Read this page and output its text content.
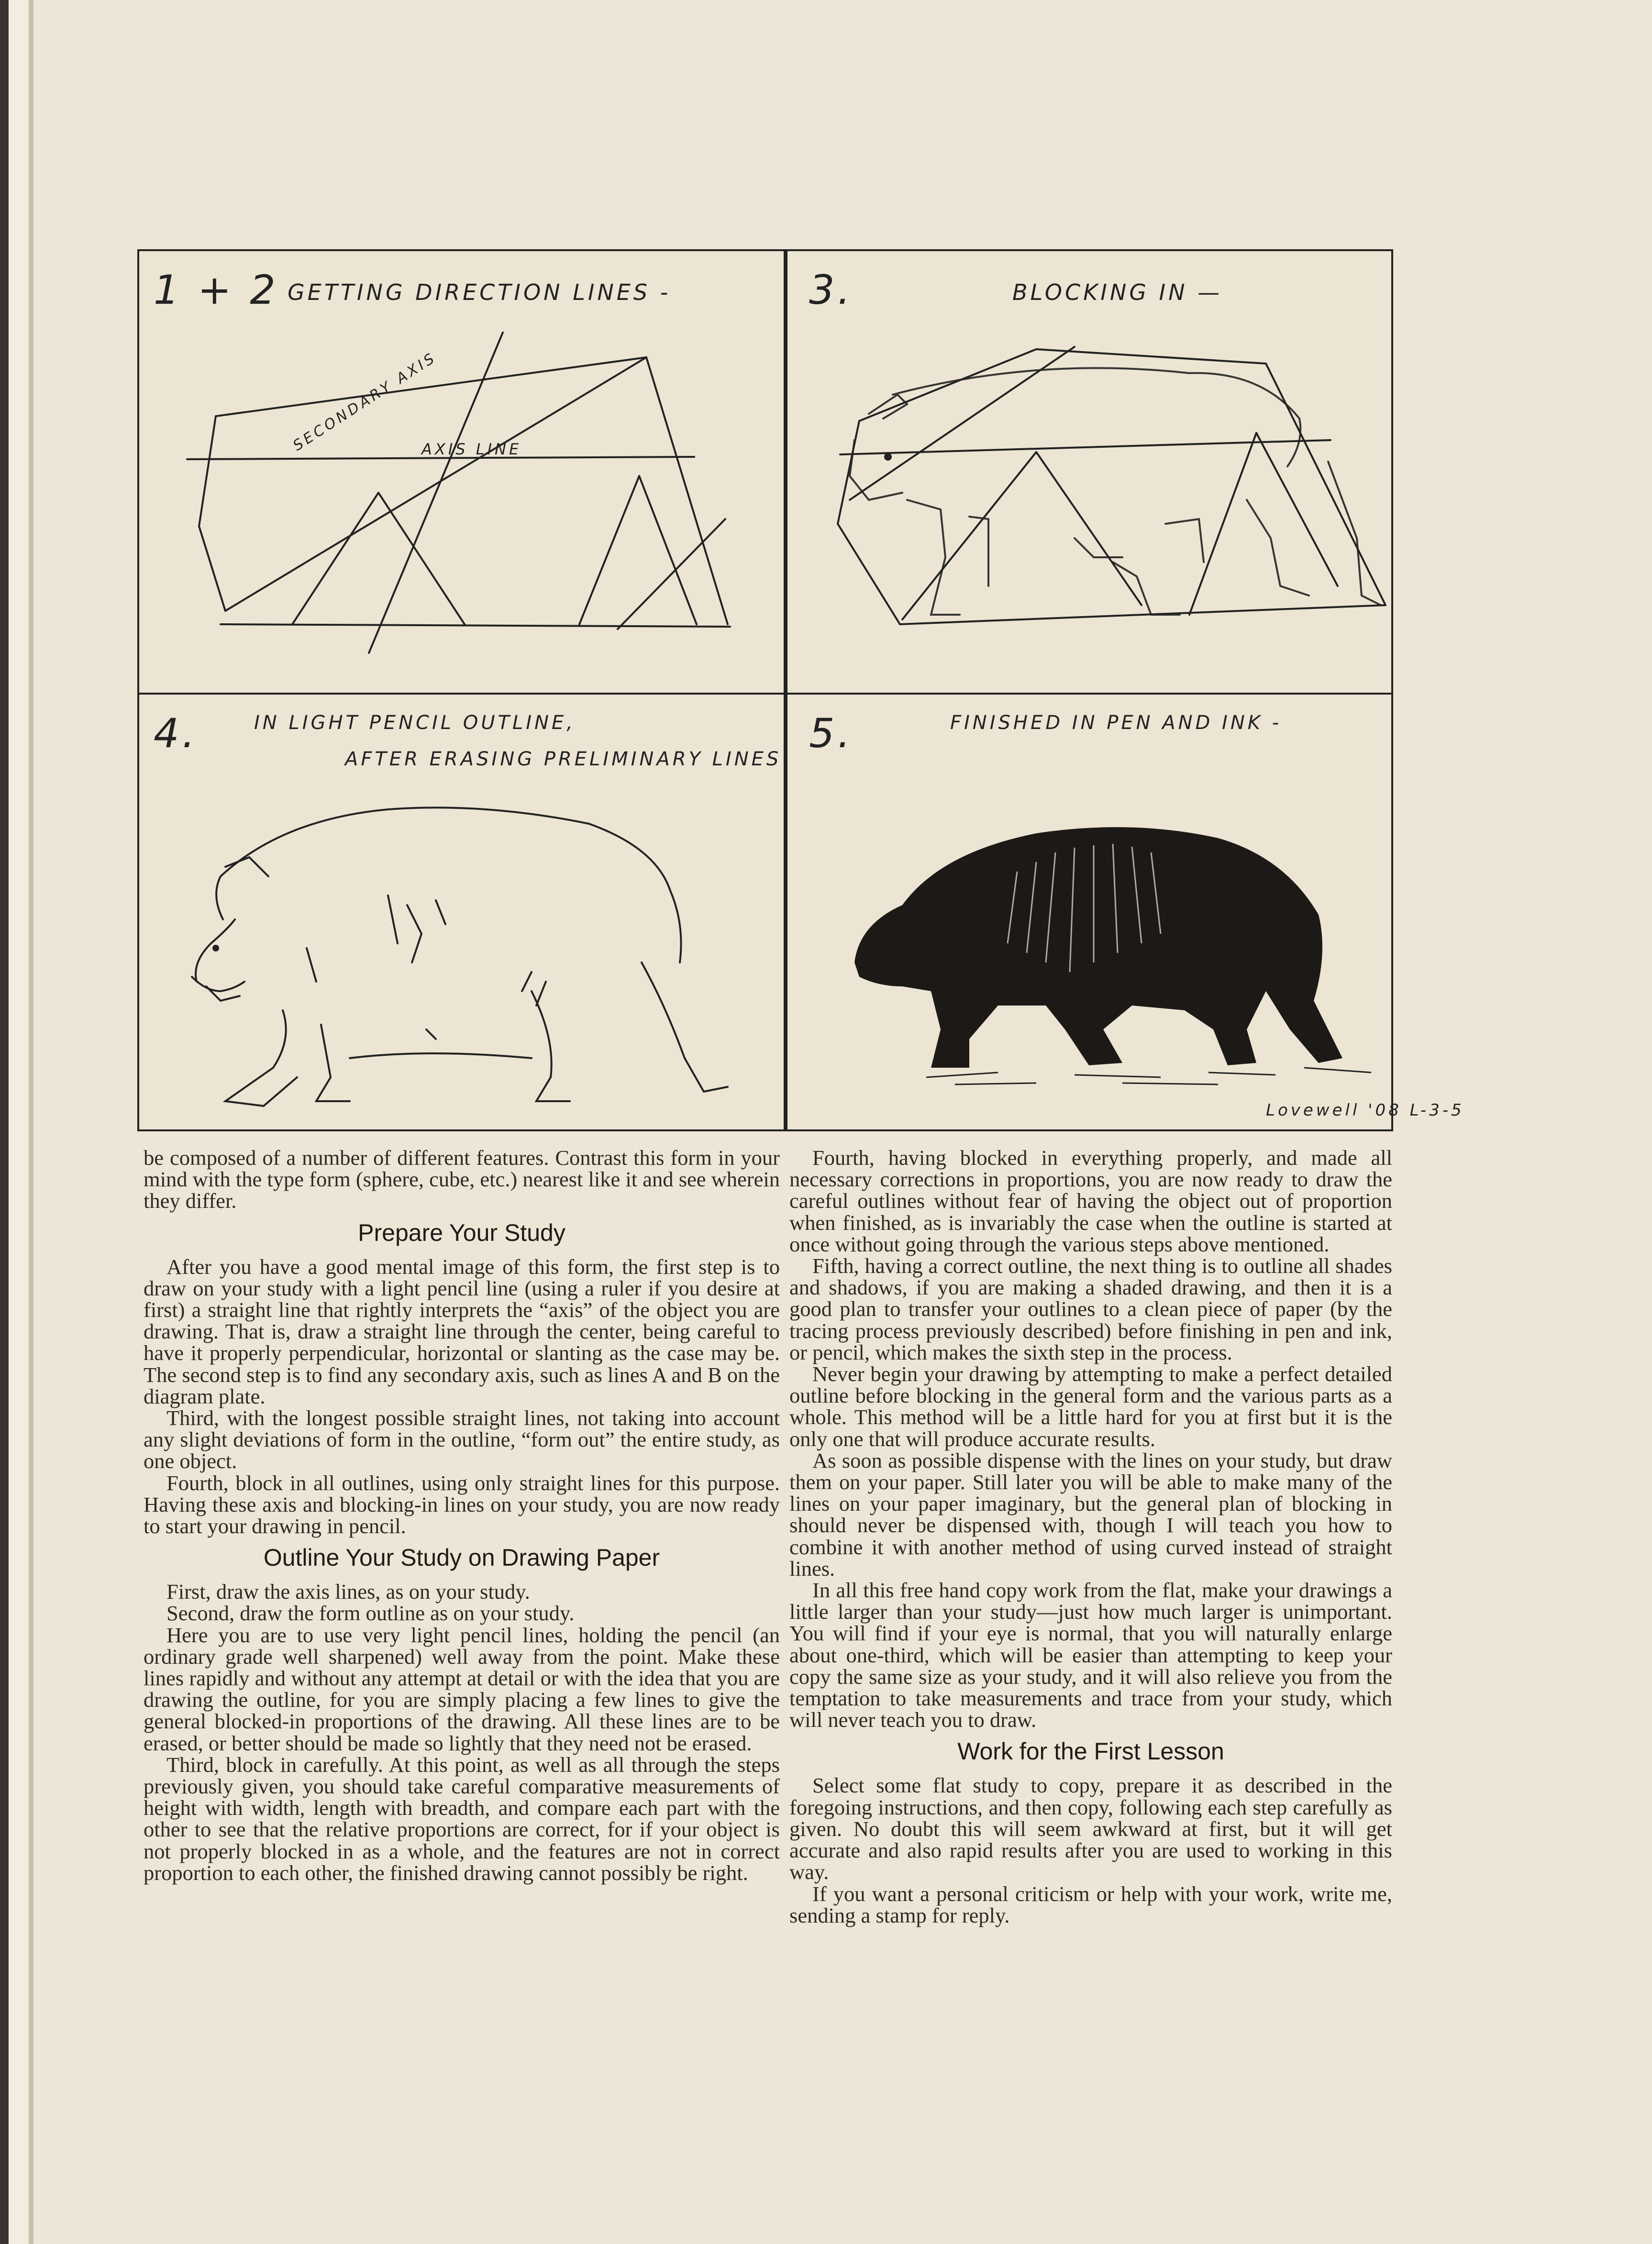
1 + 2 GETTING DIRECTION LINES -
SECONDARY AXIS
AXIS LINE
3.	BLOCKING IN —
4.	IN LIGHT PENCIL OUTLINE,
AFTER ERASING PRELIMINARY LINES
5.	FINISHED IN PEN AND INK -
Lovewell '08 L-3-5

be composed of a number of different features. Contrast this form in your mind with the type form (sphere, cube, etc.) nearest like it and see wherein they differ.

Prepare Your Study

After you have a good mental image of this form, the first step is to draw on your study with a light pencil line (using a ruler if you desire at first) a straight line that rightly interprets the “axis” of the object you are drawing. That is, draw a straight line through the center, being careful to have it properly perpendicular, horizontal or slanting as the case may be. The second step is to find any secondary axis, such as lines A and B on the diagram plate.

Third, with the longest possible straight lines, not taking into account any slight deviations of form in the outline, “form out” the entire study, as one object.

Fourth, block in all outlines, using only straight lines for this purpose. Having these axis and blocking-in lines on your study, you are now ready to start your drawing in pencil.

Outline Your Study on Drawing Paper

First, draw the axis lines, as on your study.

Second, draw the form outline as on your study.

Here you are to use very light pencil lines, holding the pencil (an ordinary grade well sharpened) well away from the point. Make these lines rapidly and without any attempt at detail or with the idea that you are drawing the outline, for you are simply placing a few lines to give the general blocked-in proportions of the drawing. All these lines are to be erased, or better should be made so lightly that they need not be erased.

Third, block in carefully. At this point, as well as all through the steps previously given, you should take careful comparative measurements of height with width, length with breadth, and compare each part with the other to see that the relative proportions are correct, for if your object is not properly blocked in as a whole, and the features are not in correct proportion to each other, the finished drawing cannot possibly be right.

Fourth, having blocked in everything properly, and made all necessary corrections in proportions, you are now ready to draw the careful outlines without fear of having the object out of proportion when finished, as is invariably the case when the outline is started at once without going through the various steps above mentioned.

Fifth, having a correct outline, the next thing is to outline all shades and shadows, if you are making a shaded drawing, and then it is a good plan to transfer your outlines to a clean piece of paper (by the tracing process previously described) before finishing in pen and ink, or pencil, which makes the sixth step in the process.

Never begin your drawing by attempting to make a perfect detailed outline before blocking in the general form and the various parts as a whole. This method will be a little hard for you at first but it is the only one that will produce accurate results.

As soon as possible dispense with the lines on your study, but draw them on your paper. Still later you will be able to make many of the lines on your paper imaginary, but the general plan of blocking in should never be dispensed with, though I will teach you how to combine it with another method of using curved instead of straight lines.

In all this free hand copy work from the flat, make your drawings a little larger than your study—just how much larger is unimportant. You will find if your eye is normal, that you will naturally enlarge about one-third, which will be easier than attempting to keep your copy the same size as your study, and it will also relieve you from the temptation to take measurements and trace from your study, which will never teach you to draw.

Work for the First Lesson

Select some flat study to copy, prepare it as described in the foregoing instructions, and then copy, following each step carefully as given. No doubt this will seem awkward at first, but it will get accurate and also rapid results after you are used to working in this way.

If you want a personal criticism or help with your work, write me, sending a stamp for reply.
